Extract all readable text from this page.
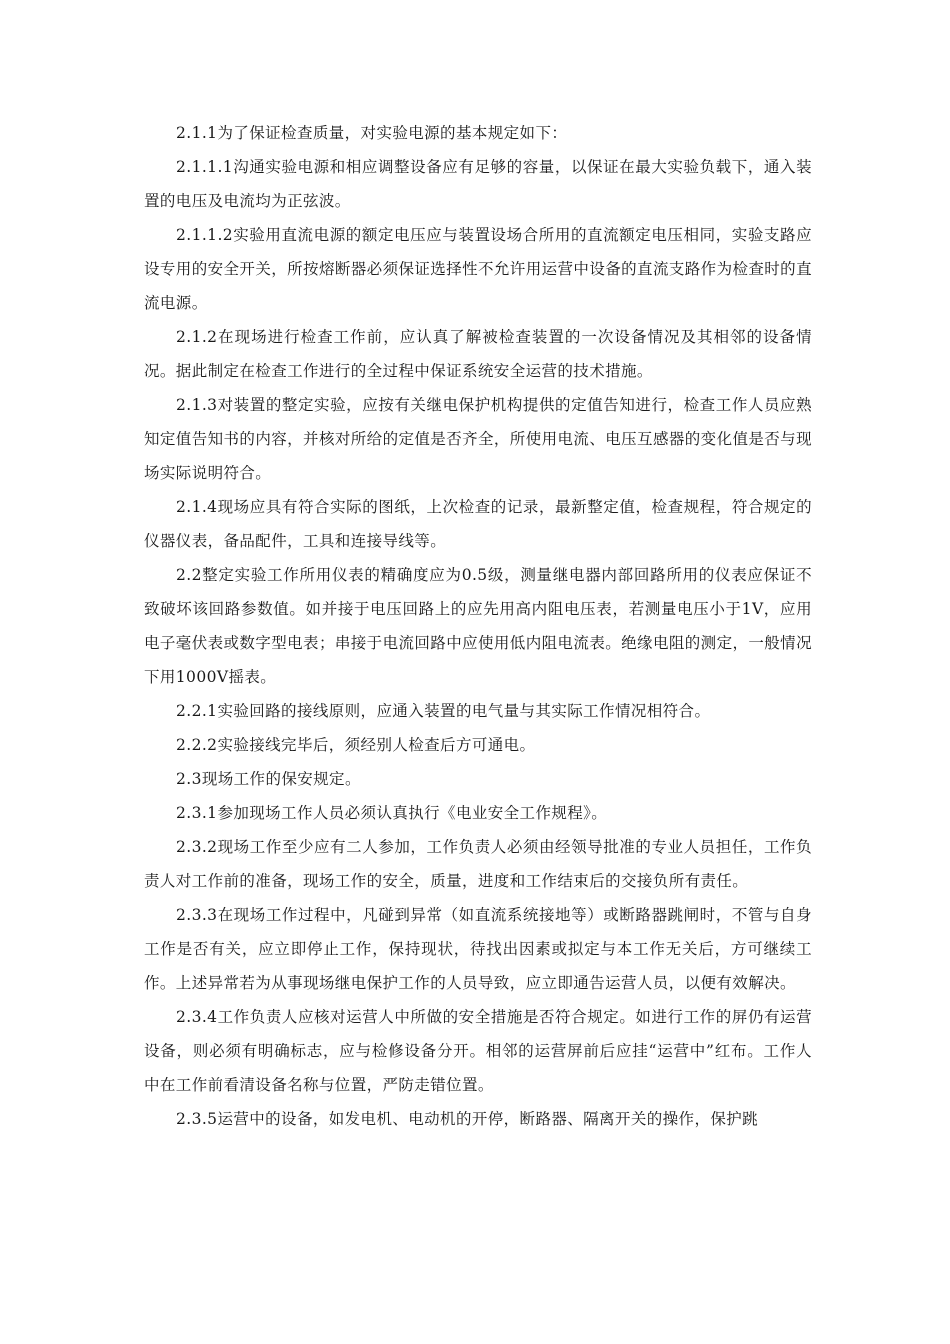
2.1.1为了保证检查质量，对实验电源的基本规定如下：

2.1.1.1沟通实验电源和相应调整设备应有足够的容量，以保证在最大实验负载下，通入装置的电压及电流均为正弦波。

2.1.1.2实验用直流电源的额定电压应与装置设场合所用的直流额定电压相同，实验支路应设专用的安全开关，所按熔断器必须保证选择性不允许用运营中设备的直流支路作为检查时的直流电源。

2.1.2在现场进行检查工作前，应认真了解被检查装置的一次设备情况及其相邻的设备情况。据此制定在检查工作进行的全过程中保证系统安全运营的技术措施。

2.1.3对装置的整定实验，应按有关继电保护机构提供的定值告知进行，检查工作人员应熟知定值告知书的内容，并核对所给的定值是否齐全，所使用电流、电压互感器的变化值是否与现场实际说明符合。

2.1.4现场应具有符合实际的图纸，上次检查的记录，最新整定值，检查规程，符合规定的仪器仪表，备品配件，工具和连接导线等。

2.2整定实验工作所用仪表的精确度应为0.5级，测量继电器内部回路所用的仪表应保证不致破坏该回路参数值。如并接于电压回路上的应先用高内阻电压表，若测量电压小于1V，应用电子毫伏表或数字型电表；串接于电流回路中应使用低内阻电流表。绝缘电阻的测定，一般情况下用1000V摇表。

2.2.1实验回路的接线原则，应通入装置的电气量与其实际工作情况相符合。

2.2.2实验接线完毕后，须经别人检查后方可通电。

2.3现场工作的保安规定。

2.3.1参加现场工作人员必须认真执行《电业安全工作规程》。

2.3.2现场工作至少应有二人参加，工作负责人必须由经领导批准的专业人员担任，工作负责人对工作前的准备，现场工作的安全，质量，进度和工作结束后的交接负所有责任。

2.3.3在现场工作过程中，凡碰到异常（如直流系统接地等）或断路器跳闸时，不管与自身工作是否有关，应立即停止工作，保持现状，待找出因素或拟定与本工作无关后，方可继续工作。上述异常若为从事现场继电保护工作的人员导致，应立即通告运营人员，以便有效解决。

2.3.4工作负责人应核对运营人中所做的安全措施是否符合规定。如进行工作的屏仍有运营设备，则必须有明确标志，应与检修设备分开。相邻的运营屏前后应挂“运营中”红布。工作人中在工作前看清设备名称与位置，严防走错位置。

2.3.5运营中的设备，如发电机、电动机的开停，断路器、隔离开关的操作，保护跳
